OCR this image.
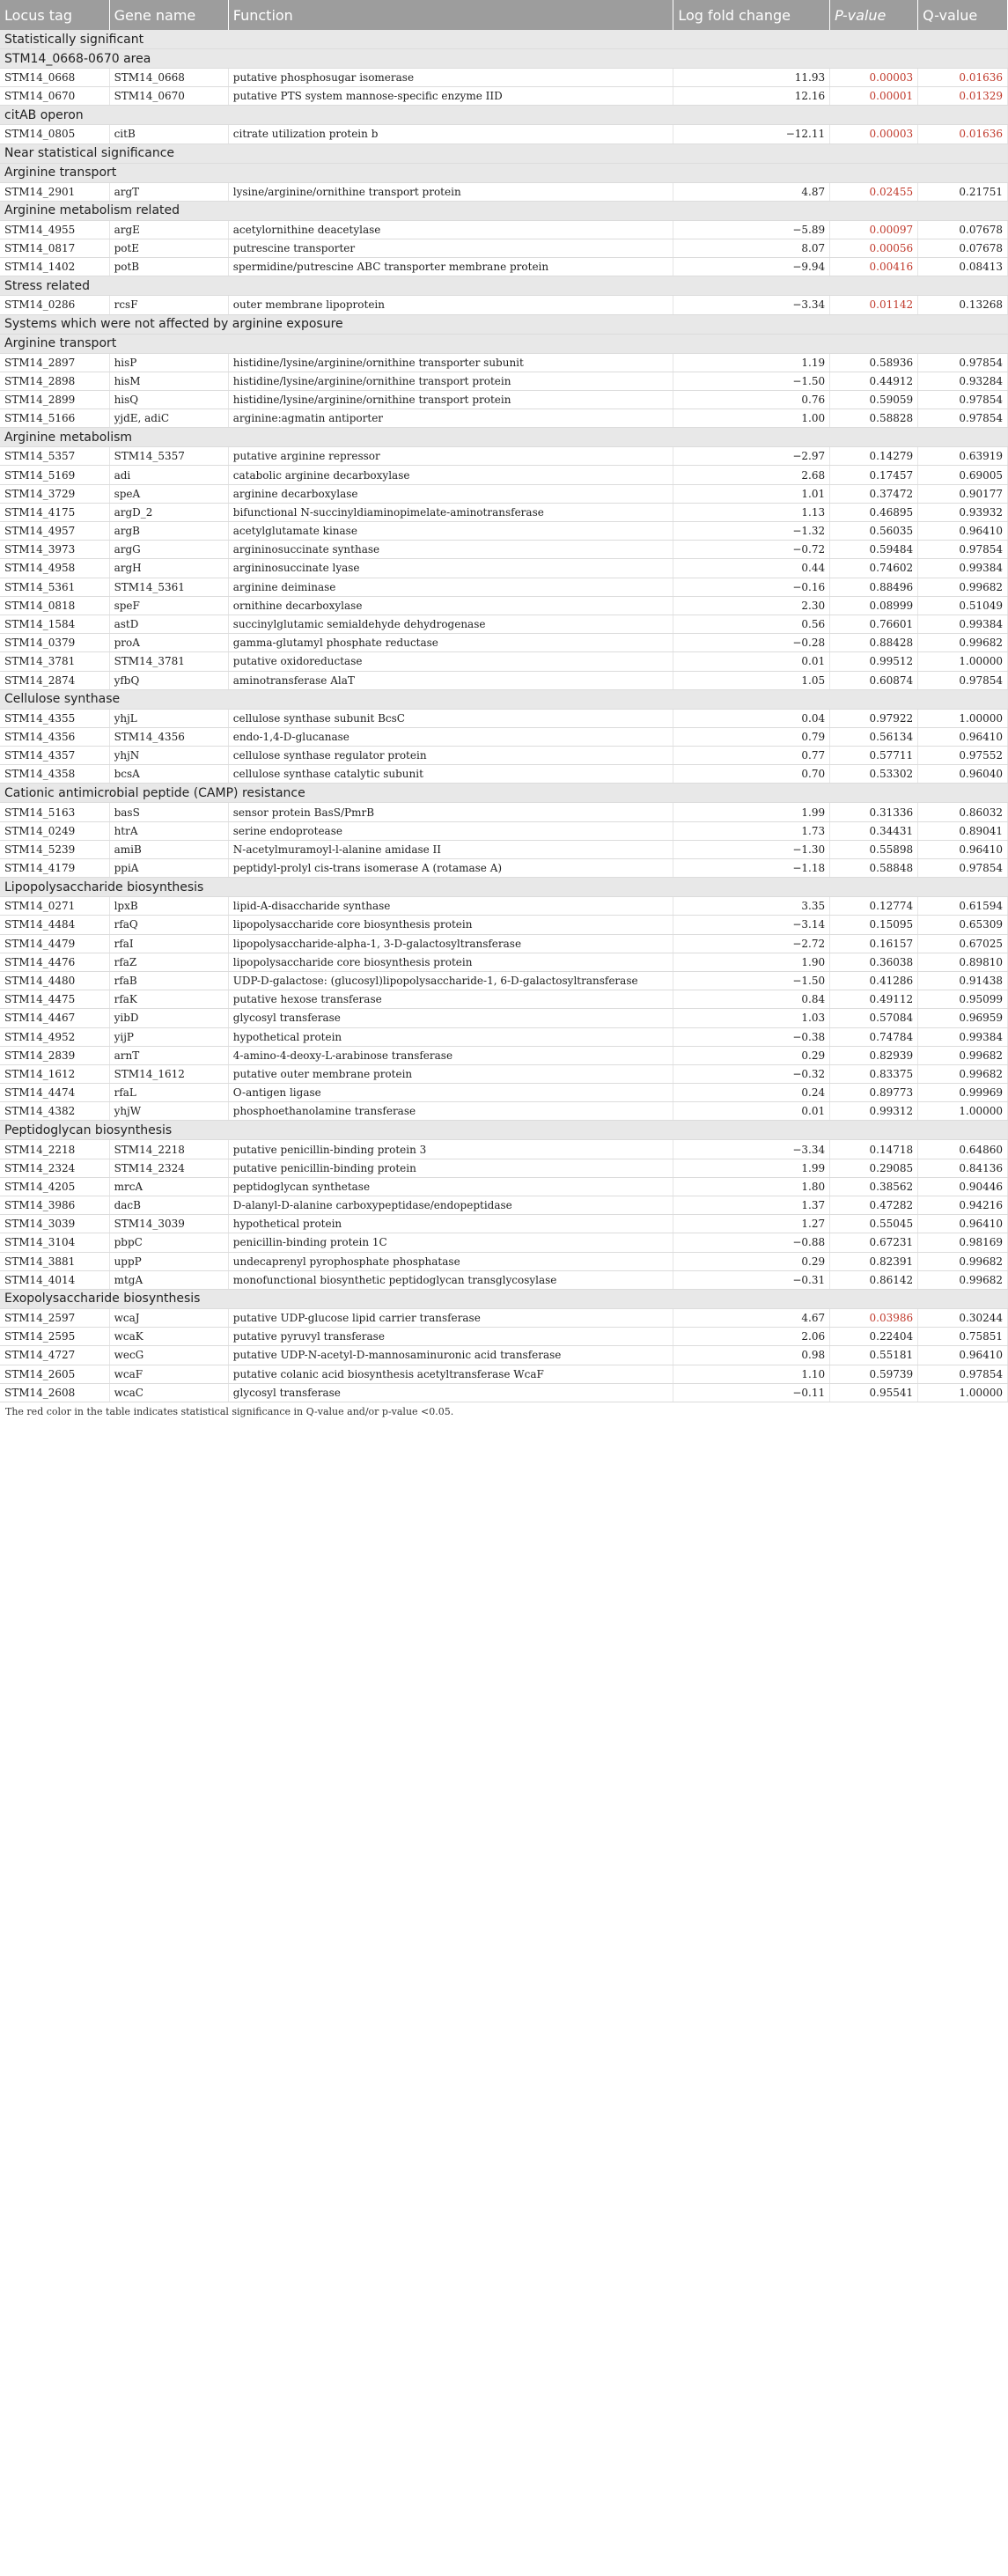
Locus tag	Gene name	Function	Log fold change	P-value	Q-value
Statistically significant					
STM14_0668-0670 area					
STM14_0668	STM14_0668	putative phosphosugar isomerase	11.93	0.00003	0.01636
STM14_0670	STM14_0670	putative PTS system mannose-specific enzyme IID	12.16	0.00001	0.01329
citAB operon					
STM14_0805	citB	citrate utilization protein b	−12.11	0.00003	0.01636
Near statistical significance					
Arginine transport					
STM14_2901	argT	lysine/arginine/ornithine transport protein	4.87	0.02455	0.21751
Arginine metabolism related					
STM14_4955	argE	acetylornithine deacetylase	−5.89	0.00097	0.07678
STM14_0817	potE	putrescine transporter	8.07	0.00056	0.07678
STM14_1402	potB	spermidine/putrescine ABC transporter membrane protein	−9.94	0.00416	0.08413
Stress related					
STM14_0286	rcsF	outer membrane lipoprotein	−3.34	0.01142	0.13268
Systems which were not affected by arginine exposure					
Arginine transport					
STM14_2897	hisP	histidine/lysine/arginine/ornithine transporter subunit	1.19	0.58936	0.97854
STM14_2898	hisM	histidine/lysine/arginine/ornithine transport protein	−1.50	0.44912	0.93284
STM14_2899	hisQ	histidine/lysine/arginine/ornithine transport protein	0.76	0.59059	0.97854
STM14_5166	yjdE, adiC	arginine:agmatin antiporter	1.00	0.58828	0.97854
Arginine metabolism					
STM14_5357	STM14_5357	putative arginine repressor	−2.97	0.14279	0.63919
STM14_5169	adi	catabolic arginine decarboxylase	2.68	0.17457	0.69005
STM14_3729	speA	arginine decarboxylase	1.01	0.37472	0.90177
STM14_4175	argD_2	bifunctional N-succinyldiaminopimelate-aminotransferase	1.13	0.46895	0.93932
STM14_4957	argB	acetylglutamate kinase	−1.32	0.56035	0.96410
STM14_3973	argG	argininosuccinate synthase	−0.72	0.59484	0.97854
STM14_4958	argH	argininosuccinate lyase	0.44	0.74602	0.99384
STM14_5361	STM14_5361	arginine deiminase	−0.16	0.88496	0.99682
STM14_0818	speF	ornithine decarboxylase	2.30	0.08999	0.51049
STM14_1584	astD	succinylglutamic semialdehyde dehydrogenase	0.56	0.76601	0.99384
STM14_0379	proA	gamma-glutamyl phosphate reductase	−0.28	0.88428	0.99682
STM14_3781	STM14_3781	putative oxidoreductase	0.01	0.99512	1.00000
STM14_2874	yfbQ	aminotransferase AlaT	1.05	0.60874	0.97854
Cellulose synthase					
STM14_4355	yhjL	cellulose synthase subunit BcsC	0.04	0.97922	1.00000
STM14_4356	STM14_4356	endo-1,4-D-glucanase	0.79	0.56134	0.96410
STM14_4357	yhjN	cellulose synthase regulator protein	0.77	0.57711	0.97552
STM14_4358	bcsA	cellulose synthase catalytic subunit	0.70	0.53302	0.96040
Cationic antimicrobial peptide (CAMP) resistance					
STM14_5163	basS	sensor protein BasS/PmrB	1.99	0.31336	0.86032
STM14_0249	htrA	serine endoprotease	1.73	0.34431	0.89041
STM14_5239	amiB	N-acetylmuramoyl-l-alanine amidase II	−1.30	0.55898	0.96410
STM14_4179	ppiA	peptidyl-prolyl cis-trans isomerase A (rotamase A)	−1.18	0.58848	0.97854
Lipopolysaccharide biosynthesis					
STM14_0271	lpxB	lipid-A-disaccharide synthase	3.35	0.12774	0.61594
STM14_4484	rfaQ	lipopolysaccharide core biosynthesis protein	−3.14	0.15095	0.65309
STM14_4479	rfaI	lipopolysaccharide-alpha-1, 3-D-galactosyltransferase	−2.72	0.16157	0.67025
STM14_4476	rfaZ	lipopolysaccharide core biosynthesis protein	1.90	0.36038	0.89810
STM14_4480	rfaB	UDP-D-galactose: (glucosyl)lipopolysaccharide-1, 6-D-galactosyltransferase	−1.50	0.41286	0.91438
STM14_4475	rfaK	putative hexose transferase	0.84	0.49112	0.95099
STM14_4467	yibD	glycosyl transferase	1.03	0.57084	0.96959
STM14_4952	yijP	hypothetical protein	−0.38	0.74784	0.99384
STM14_2839	arnT	4-amino-4-deoxy-L-arabinose transferase	0.29	0.82939	0.99682
STM14_1612	STM14_1612	putative outer membrane protein	−0.32	0.83375	0.99682
STM14_4474	rfaL	O-antigen ligase	0.24	0.89773	0.99969
STM14_4382	yhjW	phosphoethanolamine transferase	0.01	0.99312	1.00000
Peptidoglycan biosynthesis					
STM14_2218	STM14_2218	putative penicillin-binding protein 3	−3.34	0.14718	0.64860
STM14_2324	STM14_2324	putative penicillin-binding protein	1.99	0.29085	0.84136
STM14_4205	mrcA	peptidoglycan synthetase	1.80	0.38562	0.90446
STM14_3986	dacB	D-alanyl-D-alanine carboxypeptidase/endopeptidase	1.37	0.47282	0.94216
STM14_3039	STM14_3039	hypothetical protein	1.27	0.55045	0.96410
STM14_3104	pbpC	penicillin-binding protein 1C	−0.88	0.67231	0.98169
STM14_3881	uppP	undecaprenyl pyrophosphate phosphatase	0.29	0.82391	0.99682
STM14_4014	mtgA	monofunctional biosynthetic peptidoglycan transglycosylase	−0.31	0.86142	0.99682
Exopolysaccharide biosynthesis					
STM14_2597	wcaJ	putative UDP-glucose lipid carrier transferase	4.67	0.03986	0.30244
STM14_2595	wcaK	putative pyruvyl transferase	2.06	0.22404	0.75851
STM14_4727	wecG	putative UDP-N-acetyl-D-mannosaminuronic acid transferase	0.98	0.55181	0.96410
STM14_2605	wcaF	putative colanic acid biosynthesis acetyltransferase WcaF	1.10	0.59739	0.97854
STM14_2608	wcaC	glycosyl transferase	−0.11	0.95541	1.00000
The red color in the table indicates statistical significance in Q-value and/or p-value <0.05.
